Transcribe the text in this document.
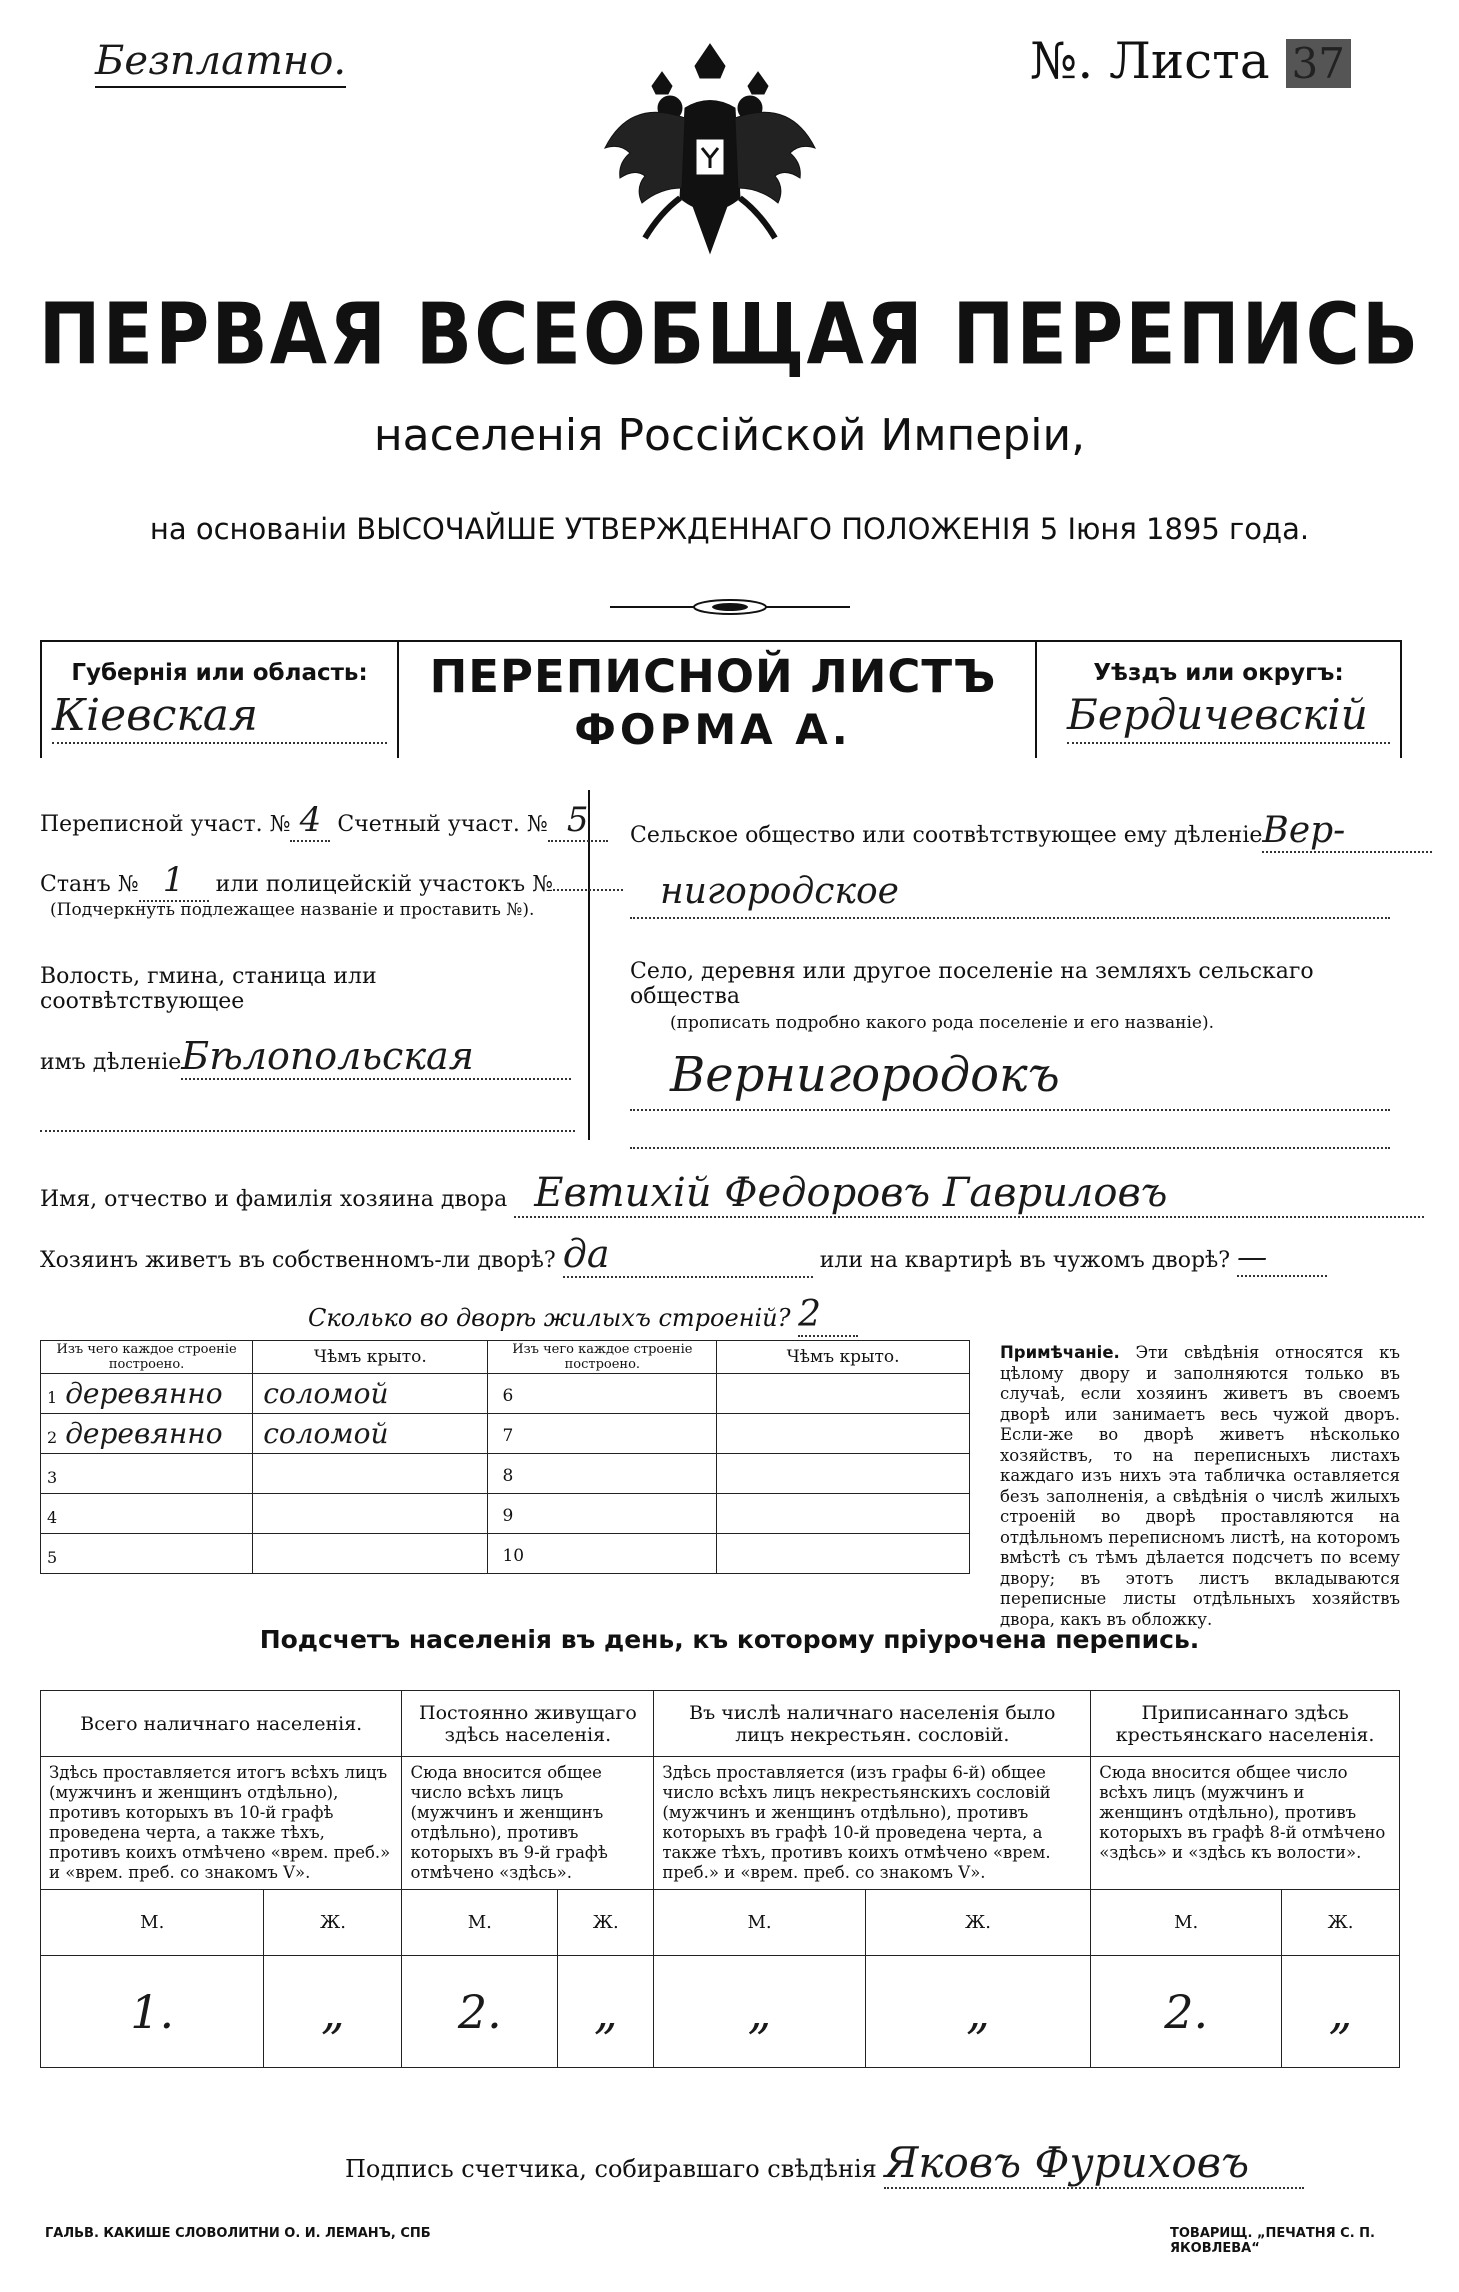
Безплатно.	№. Листа 37
ПЕРВАЯ ВСЕОБЩАЯ ПЕРЕПИСЬ
населенія Россійской Имперіи,
на основаніи ВЫСОЧАЙШЕ УТВЕРЖДЕННАГО ПОЛОЖЕНІЯ 5 Іюня 1895 года.
Губернія или область:
Кіевская
ПЕРЕПИСНОЙ ЛИСТЪ
ФОРМА А.
Уѣздъ или округъ:
Бердичевскій
Переписной участ. № 4 Счетный участ. № 5
Станъ № 1 или полицейскій участокъ №
(Подчеркнуть подлежащее названіе и проставить №).
Волость, гмина, станица или соотвѣтствующее
имъ дѣленіеБѣлопольская
Сельское общество или соотвѣтствующее ему дѣленіеВер-
нигородское
Село, деревня или другое поселеніе на земляхъ сельскаго общества
(прописать подробно какого рода поселеніе и его названіе).
Вернигородокъ
Имя, отчество и фамилія хозяина двора Евтихій Федоровъ Гавриловъ
Хозяинъ живетъ въ собственномъ-ли дворѣ? да	или на квартирѣ въ чужомъ дворѣ? —
Сколько во дворѣ жилыхъ строеній? 2
Изъ чего каждое строеніе построено.	Чѣмъ крыто.	Изъ чего каждое строеніе построено.	Чѣмъ крыто.
1 деревянно	соломой	6	
2 деревянно	соломой	7	
3		8	
4		9	
5		10	
Примѣчаніе. Эти свѣдѣнія относятся къ цѣлому двору и заполняются только въ случаѣ, если хозяинъ живетъ въ своемъ дворѣ или занимаетъ весь чужой дворъ. Если-же во дворѣ живетъ нѣсколько хозяйствъ, то на переписныхъ листахъ каждаго изъ нихъ эта табличка оставляется безъ заполненія, а свѣдѣнія о числѣ жилыхъ строеній во дворѣ проставляются на отдѣльномъ переписномъ листѣ, на которомъ вмѣстѣ съ тѣмъ дѣлается подсчетъ по всему двору; въ этотъ листъ вкладываются переписные листы отдѣльныхъ хозяйствъ двора, какъ въ обложку.
Подсчетъ населенія въ день, къ которому пріурочена перепись.
Всего наличнаго населенія.		Постоянно живущаго здѣсь населенія.		Въ числѣ наличнаго населенія было лицъ некрестьян. сословій.		Приписаннаго здѣсь крестьянскаго населенія.	
Здѣсь проставляется итогъ всѣхъ лицъ (мужчинъ и женщинъ отдѣльно), противъ которыхъ въ 10-й графѣ проведена черта, а также тѣхъ, противъ коихъ отмѣчено «врем. преб.» и «врем. преб. со знакомъ V».		Сюда вносится общее число всѣхъ лицъ (мужчинъ и женщинъ отдѣльно), противъ которыхъ въ 9-й графѣ отмѣчено «здѣсь».		Здѣсь проставляется (изъ графы 6-й) общее число всѣхъ лицъ некрестьянскихъ сословій (мужчинъ и женщинъ отдѣльно), противъ которыхъ въ графѣ 10-й проведена черта, а также тѣхъ, противъ коихъ отмѣчено «врем. преб.» и «врем. преб. со знакомъ V».		Сюда вносится общее число всѣхъ лицъ (мужчинъ и женщинъ отдѣльно), противъ которыхъ въ графѣ 8-й отмѣчено «здѣсь» и «здѣсь къ волости».	
М.	Ж.	М.	Ж.	М.	Ж.	М.	Ж.
1.	„	2.	„	„	„	2.	„
Подпись счетчика, собиравшаго свѣдѣнія Яковъ Фуриховъ
ГАЛЬВ. КАКИШЕ СЛОВОЛИТНИ О. И. ЛЕМАНЪ, СПБ	ТОВАРИЩ. „ПЕЧАТНЯ С. П. ЯКОВЛЕВА“
